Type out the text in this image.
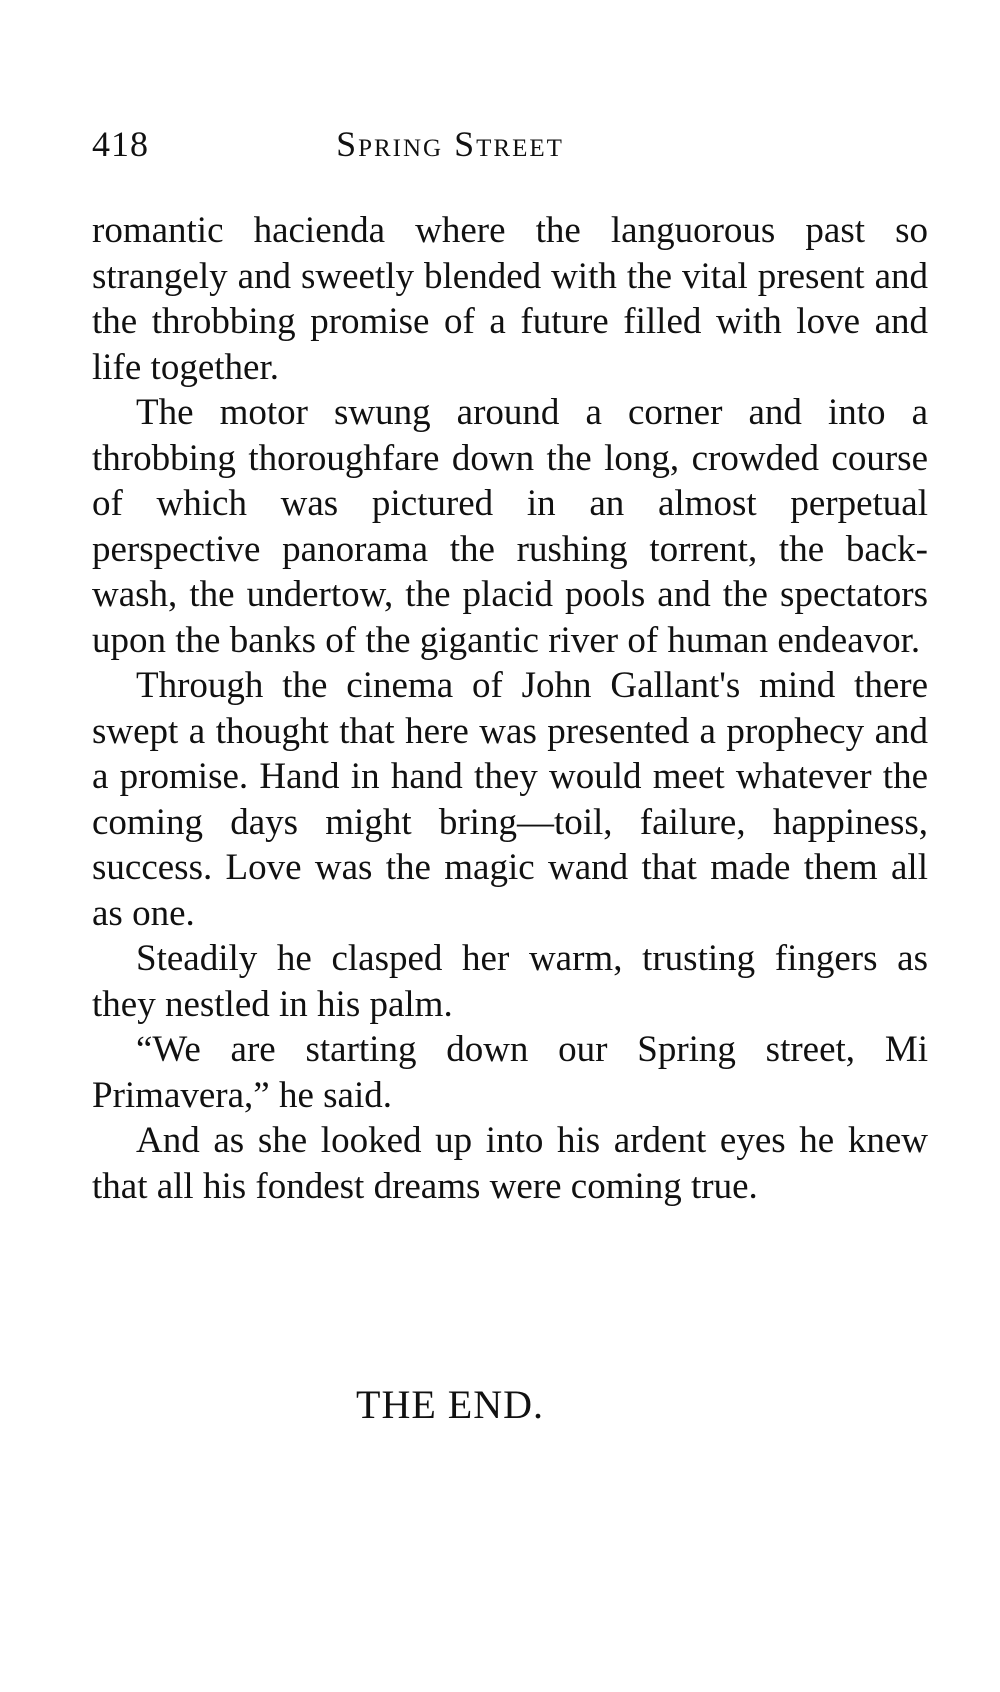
418	Spring Street

romantic hacienda where the languorous past so strangely and sweetly blended with the vital present and the throbbing promise of a future filled with love and life together.

The motor swung around a corner and into a throbbing thoroughfare down the long, crowded course of which was pictured in an almost perpetual perspective panorama the rushing torrent, the back-wash, the undertow, the placid pools and the spectators upon the banks of the gigantic river of human endeavor.

Through the cinema of John Gallant's mind there swept a thought that here was presented a prophecy and a promise. Hand in hand they would meet whatever the coming days might bring—toil, failure, happiness, success. Love was the magic wand that made them all as one.

Steadily he clasped her warm, trusting fingers as they nestled in his palm.

“We are starting down our Spring street, Mi Primavera,” he said.

And as she looked up into his ardent eyes he knew that all his fondest dreams were coming true.

THE END.
